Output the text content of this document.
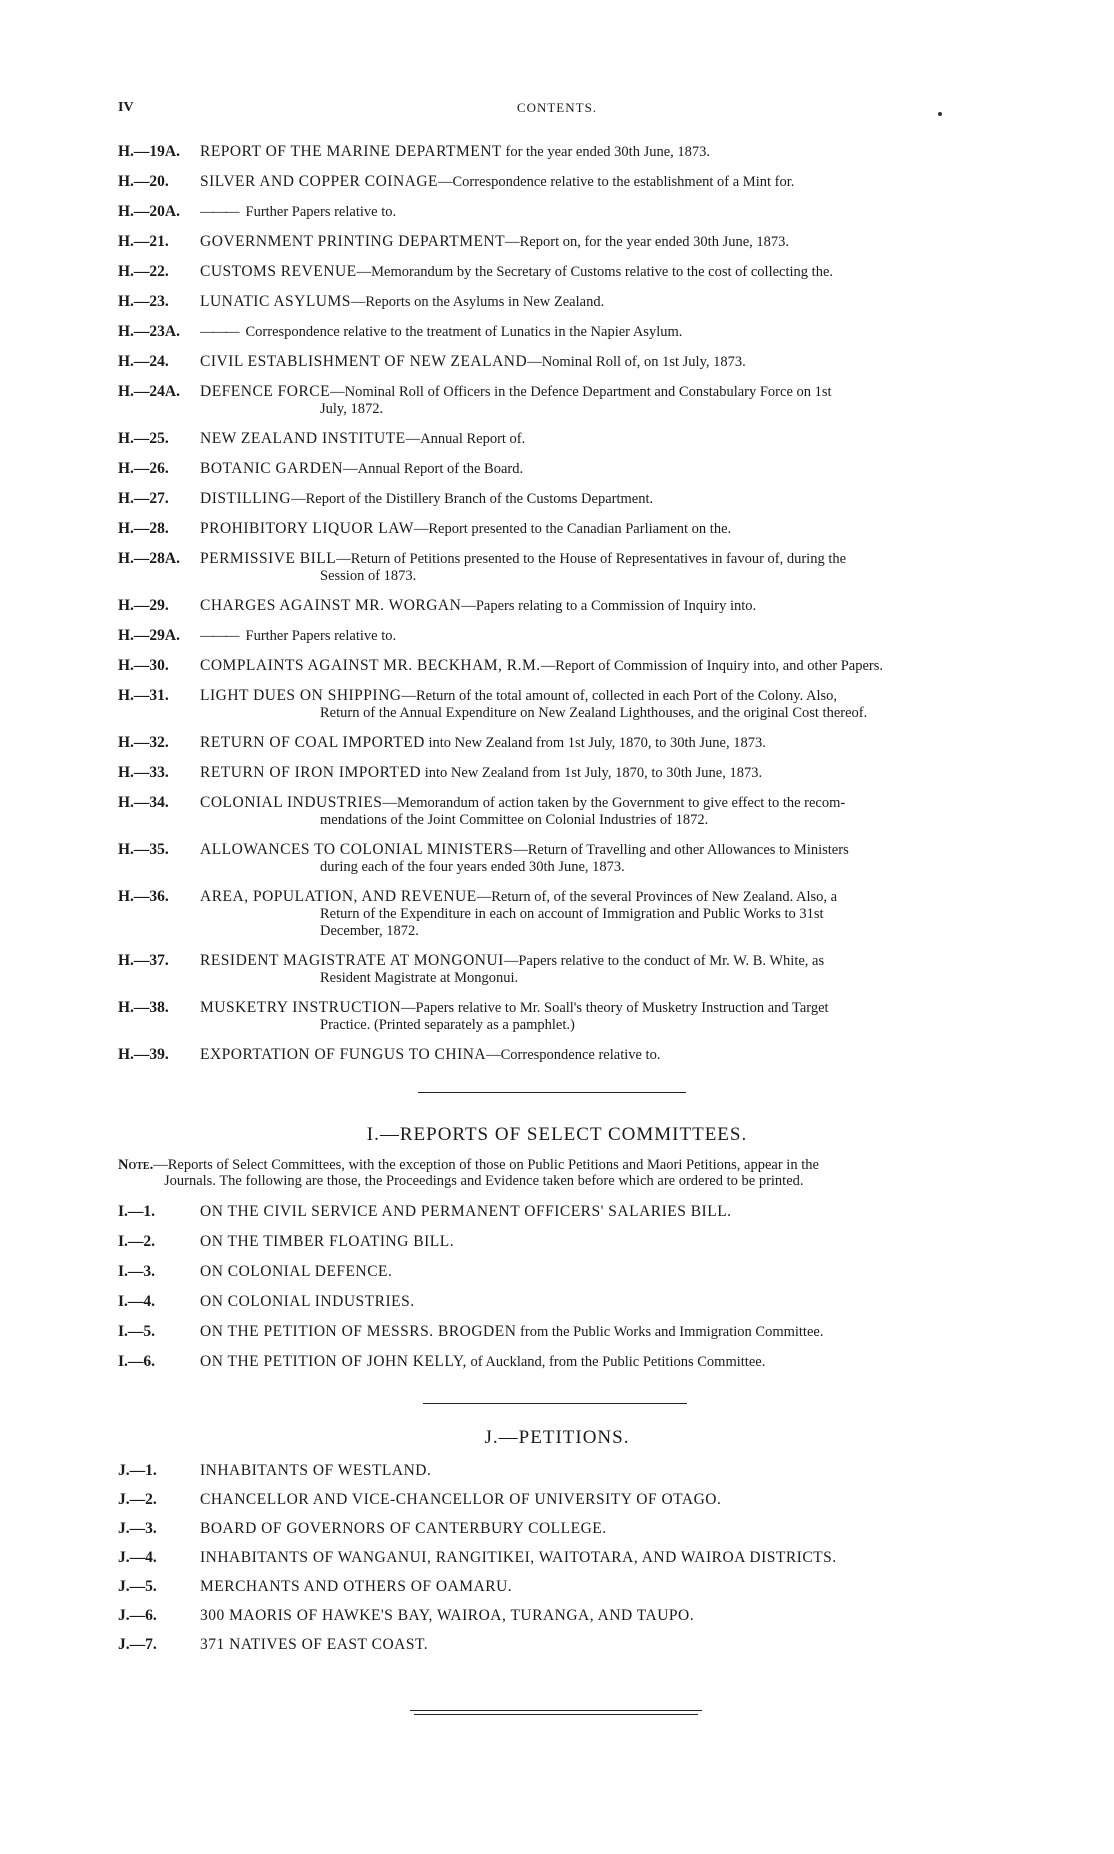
IV	CONTENTS.
H.—19A.	REPORT OF THE MARINE DEPARTMENT for the year ended 30th June, 1873.
H.—20.	SILVER AND COPPER COINAGE—Correspondence relative to the establishment of a Mint for.
H.—20A.	——— Further Papers relative to.
H.—21.	GOVERNMENT PRINTING DEPARTMENT—Report on, for the year ended 30th June, 1873.
H.—22.	CUSTOMS REVENUE—Memorandum by the Secretary of Customs relative to the cost of collecting the.
H.—23.	LUNATIC ASYLUMS—Reports on the Asylums in New Zealand.
H.—23A.	——— Correspondence relative to the treatment of Lunatics in the Napier Asylum.
H.—24.	CIVIL ESTABLISHMENT OF NEW ZEALAND—Nominal Roll of, on 1st July, 1873.
H.—24A.	DEFENCE FORCE—Nominal Roll of Officers in the Defence Department and Constabulary Force on 1st
July, 1872.
H.—25.	NEW ZEALAND INSTITUTE—Annual Report of.
H.—26.	BOTANIC GARDEN—Annual Report of the Board.
H.—27.	DISTILLING—Report of the Distillery Branch of the Customs Department.
H.—28.	PROHIBITORY LIQUOR LAW—Report presented to the Canadian Parliament on the.
H.—28A.	PERMISSIVE BILL—Return of Petitions presented to the House of Representatives in favour of, during the
Session of 1873.
H.—29.	CHARGES AGAINST MR. WORGAN—Papers relating to a Commission of Inquiry into.
H.—29A.	——— Further Papers relative to.
H.—30.	COMPLAINTS AGAINST MR. BECKHAM, R.M.—Report of Commission of Inquiry into, and other Papers.
H.—31.	LIGHT DUES ON SHIPPING—Return of the total amount of, collected in each Port of the Colony. Also,
Return of the Annual Expenditure on New Zealand Lighthouses, and the original Cost thereof.
H.—32.	RETURN OF COAL IMPORTED into New Zealand from 1st July, 1870, to 30th June, 1873.
H.—33.	RETURN OF IRON IMPORTED into New Zealand from 1st July, 1870, to 30th June, 1873.
H.—34.	COLONIAL INDUSTRIES—Memorandum of action taken by the Government to give effect to the recom-
mendations of the Joint Committee on Colonial Industries of 1872.
H.—35.	ALLOWANCES TO COLONIAL MINISTERS—Return of Travelling and other Allowances to Ministers
during each of the four years ended 30th June, 1873.
H.—36.	AREA, POPULATION, AND REVENUE—Return of, of the several Provinces of New Zealand. Also, a
Return of the Expenditure in each on account of Immigration and Public Works to 31st
December, 1872.
H.—37.	RESIDENT MAGISTRATE AT MONGONUI—Papers relative to the conduct of Mr. W. B. White, as
Resident Magistrate at Mongonui.
H.—38.	MUSKETRY INSTRUCTION—Papers relative to Mr. Soall's theory of Musketry Instruction and Target
Practice. (Printed separately as a pamphlet.)
H.—39.	EXPORTATION OF FUNGUS TO CHINA—Correspondence relative to.
I.—REPORTS OF SELECT COMMITTEES.
Note.—Reports of Select Committees, with the exception of those on Public Petitions and Maori Petitions, appear in the
Journals. The following are those, the Proceedings and Evidence taken before which are ordered to be printed.
I.—1.	ON THE CIVIL SERVICE AND PERMANENT OFFICERS' SALARIES BILL.
I.—2.	ON THE TIMBER FLOATING BILL.
I.—3.	ON COLONIAL DEFENCE.
I.—4.	ON COLONIAL INDUSTRIES.
I.—5.	ON THE PETITION OF MESSRS. BROGDEN from the Public Works and Immigration Committee.
I.—6.	ON THE PETITION OF JOHN KELLY, of Auckland, from the Public Petitions Committee.
J.—PETITIONS.
J.—1.	INHABITANTS OF WESTLAND.
J.—2.	CHANCELLOR AND VICE-CHANCELLOR OF UNIVERSITY OF OTAGO.
J.—3.	BOARD OF GOVERNORS OF CANTERBURY COLLEGE.
J.—4.	INHABITANTS OF WANGANUI, RANGITIKEI, WAITOTARA, AND WAIROA DISTRICTS.
J.—5.	MERCHANTS AND OTHERS OF OAMARU.
J.—6.	300 MAORIS OF HAWKE'S BAY, WAIROA, TURANGA, AND TAUPO.
J.—7.	371 NATIVES OF EAST COAST.
